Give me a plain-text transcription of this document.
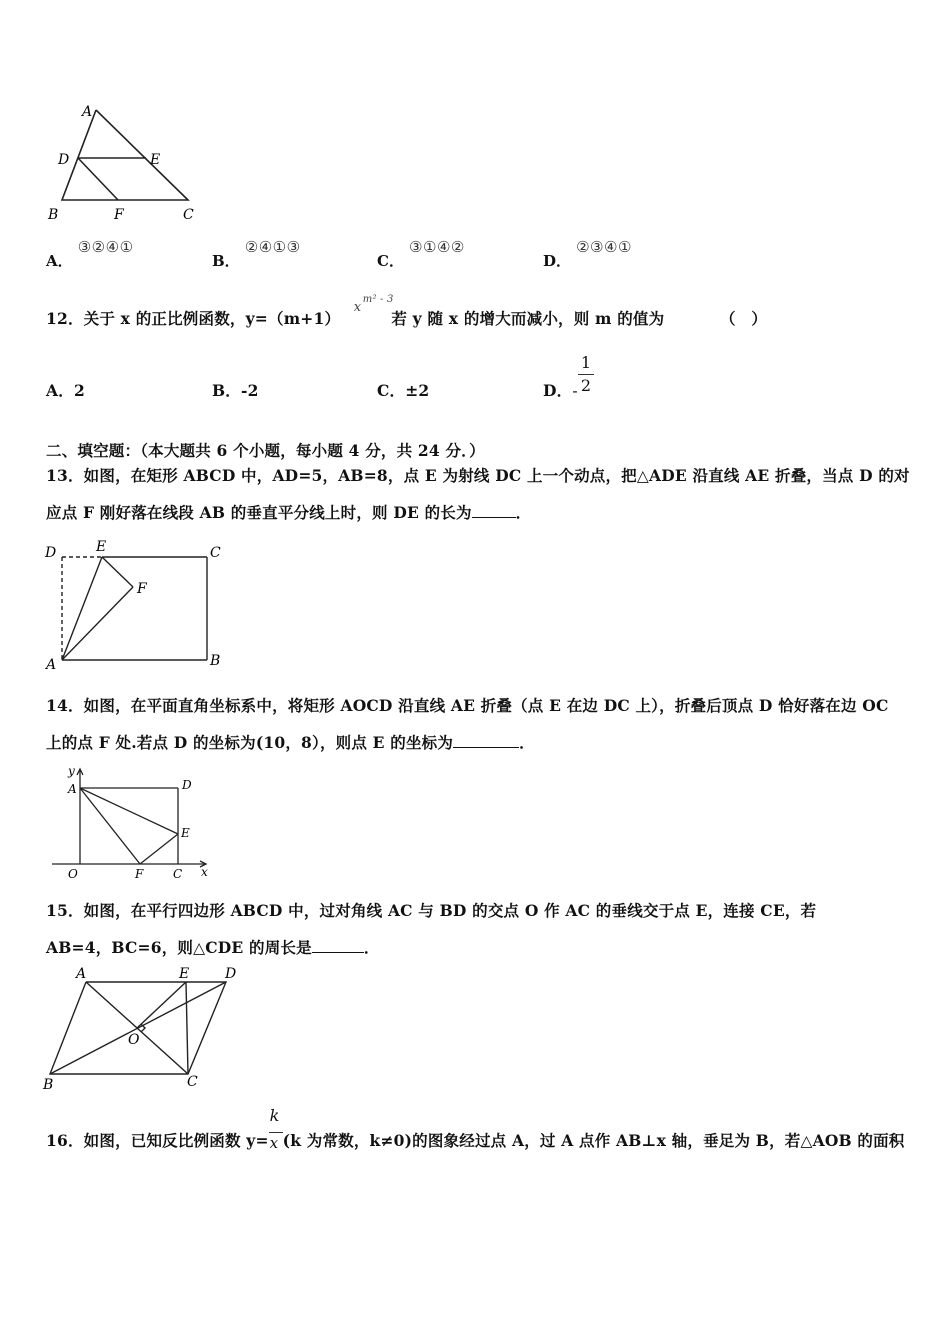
A
D	E
B	F	C
A． ③②④①
B． ②④①③
C． ③①④②
D． ②③④①
12．关于 x 的正比例函数，y=（m+1）
x
m² - 3
若 y 随 x 的增大而减小，则 m 的值为	（　）
A．2	B．-2	C．±2	D．-
1
2
二、填空题：（本大题共 6 个小题，每小题 4 分，共 24 分．）
13．如图，在矩形 ABCD 中，AD=5，AB=8，点 E 为射线 DC 上一个动点，把△ADE 沿直线 AE 折叠，当点 D 的对
应点 F 刚好落在线段 AB 的垂直平分线上时，则 DE 的长为	．
D	E	C
F
A	B
14．如图，在平面直角坐标系中，将矩形 AOCD 沿直线 AE 折叠（点 E 在边 DC 上），折叠后顶点 D 恰好落在边 OC
上的点 F 处.若点 D 的坐标为(10，8），则点 E 的坐标为	．
y
A	D
E
O	F C x
15．如图，在平行四边形 ABCD 中，过对角线 AC 与 BD 的交点 O 作 AC 的垂线交于点 E，连接 CE，若
AB=4，BC=6，则△CDE 的周长是	．
A	E	D
O
B	C
16．如图，已知反比例函数 $y= \frac{k}{x} (k$ 为常数，k≠0)的图象经过点 A，过 A 点作 AB⊥x 轴，垂足为 B，若△AOB 的面积
